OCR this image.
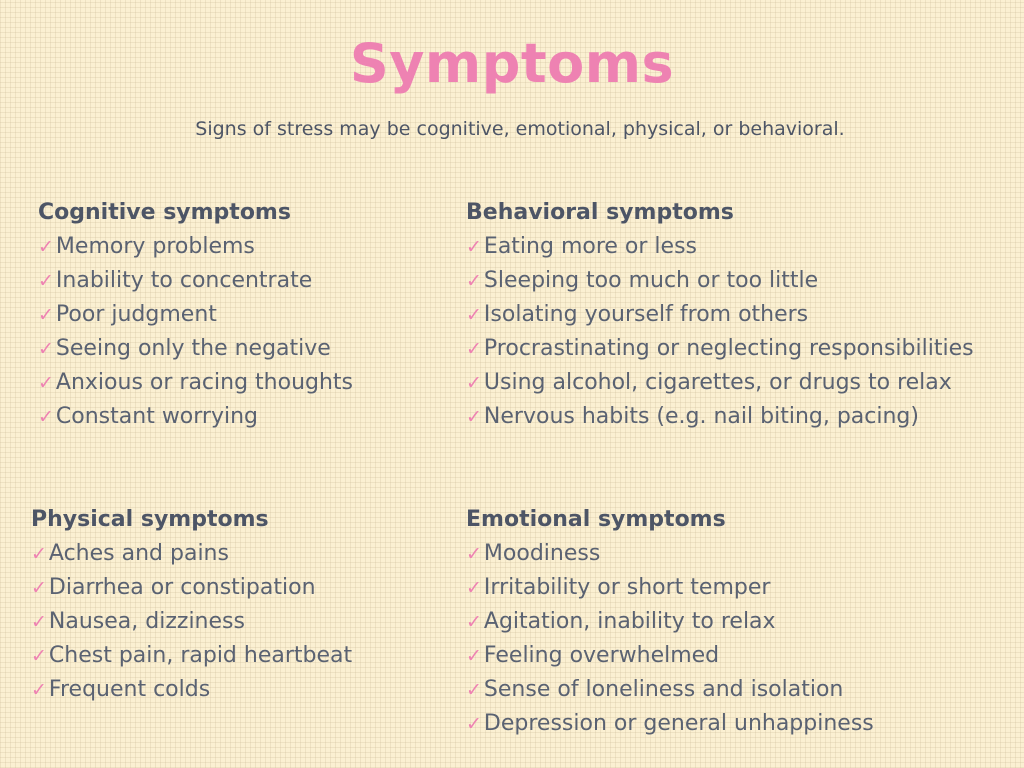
Symptoms
Signs of stress may be cognitive, emotional, physical, or behavioral.
Cognitive symptoms
✓Memory problems
✓Inability to concentrate
✓Poor judgment
✓Seeing only the negative
✓Anxious or racing thoughts
✓Constant worrying
Behavioral symptoms
✓Eating more or less
✓Sleeping too much or too little
✓Isolating yourself from others
✓Procrastinating or neglecting responsibilities
✓Using alcohol, cigarettes, or drugs to relax
✓Nervous habits (e.g. nail biting, pacing)
Physical symptoms
✓Aches and pains
✓Diarrhea or constipation
✓Nausea, dizziness
✓Chest pain, rapid heartbeat
✓Frequent colds
Emotional symptoms
✓Moodiness
✓Irritability or short temper
✓Agitation, inability to relax
✓Feeling overwhelmed
✓Sense of loneliness and isolation
✓Depression or general unhappiness
